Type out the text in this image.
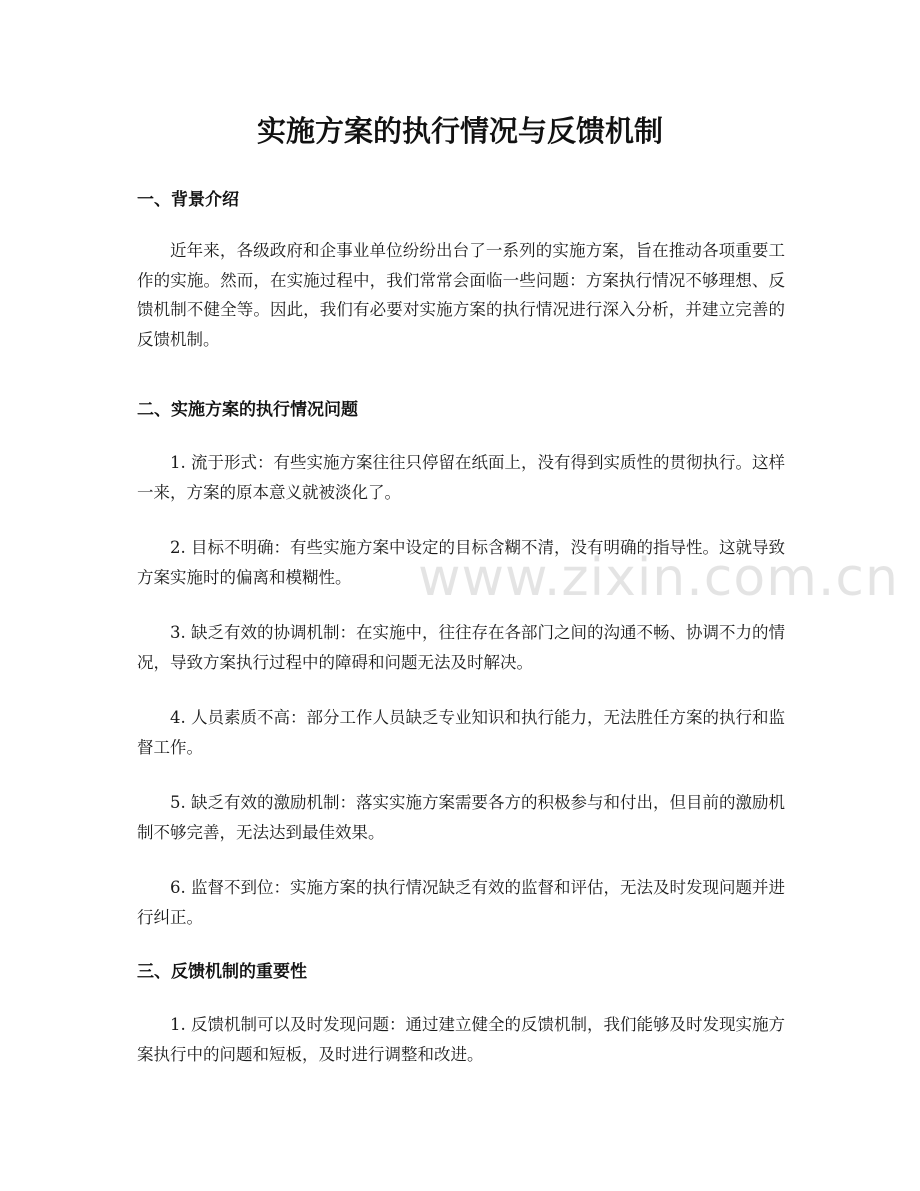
实施方案的执行情况与反馈机制
一、背景介绍

近年来，各级政府和企事业单位纷纷出台了一系列的实施方案，旨在推动各项重要工作的实施。然而，在实施过程中，我们常常会面临一些问题：方案执行情况不够理想、反馈机制不健全等。因此，我们有必要对实施方案的执行情况进行深入分析，并建立完善的反馈机制。

二、实施方案的执行情况问题

1. 流于形式：有些实施方案往往只停留在纸面上，没有得到实质性的贯彻执行。这样一来，方案的原本意义就被淡化了。

2. 目标不明确：有些实施方案中设定的目标含糊不清，没有明确的指导性。这就导致方案实施时的偏离和模糊性。

3. 缺乏有效的协调机制：在实施中，往往存在各部门之间的沟通不畅、协调不力的情况，导致方案执行过程中的障碍和问题无法及时解决。

4. 人员素质不高：部分工作人员缺乏专业知识和执行能力，无法胜任方案的执行和监督工作。

5. 缺乏有效的激励机制：落实实施方案需要各方的积极参与和付出，但目前的激励机制不够完善，无法达到最佳效果。

6. 监督不到位：实施方案的执行情况缺乏有效的监督和评估，无法及时发现问题并进行纠正。

三、反馈机制的重要性

1. 反馈机制可以及时发现问题：通过建立健全的反馈机制，我们能够及时发现实施方案执行中的问题和短板，及时进行调整和改进。

www.zixin.com.cn
